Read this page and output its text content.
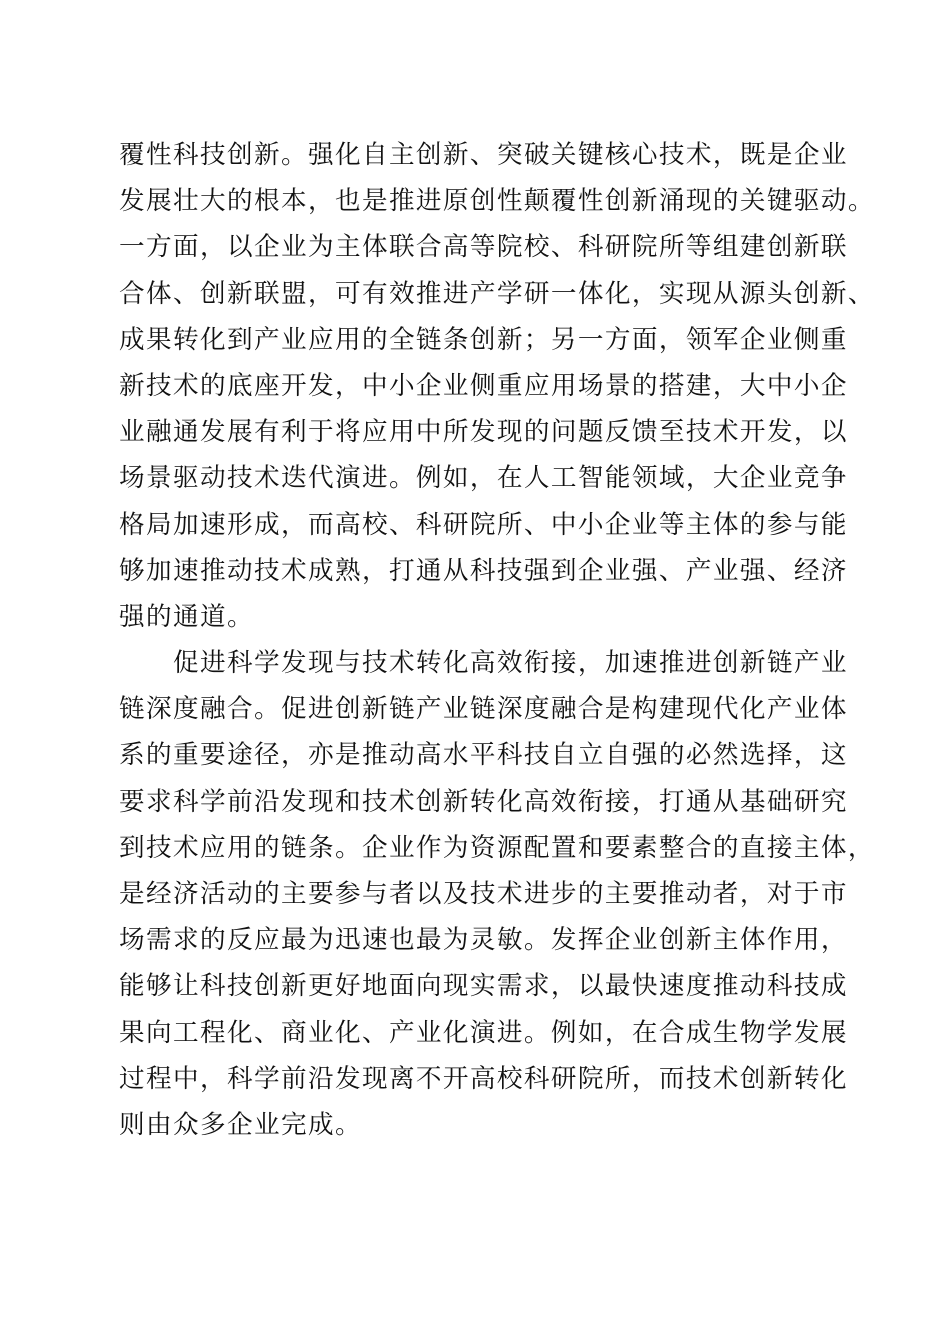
覆性科技创新。强化自主创新、突破关键核心技术，既是企业
发展壮大的根本，也是推进原创性颠覆性创新涌现的关键驱动。
一方面，以企业为主体联合高等院校、科研院所等组建创新联
合体、创新联盟，可有效推进产学研一体化，实现从源头创新、
成果转化到产业应用的全链条创新；另一方面，领军企业侧重
新技术的底座开发，中小企业侧重应用场景的搭建，大中小企
业融通发展有利于将应用中所发现的问题反馈至技术开发，以
场景驱动技术迭代演进。例如，在人工智能领域，大企业竞争
格局加速形成，而高校、科研院所、中小企业等主体的参与能
够加速推动技术成熟，打通从科技强到企业强、产业强、经济
强的通道。
　　促进科学发现与技术转化高效衔接，加速推进创新链产业
链深度融合。促进创新链产业链深度融合是构建现代化产业体
系的重要途径，亦是推动高水平科技自立自强的必然选择，这
要求科学前沿发现和技术创新转化高效衔接，打通从基础研究
到技术应用的链条。企业作为资源配置和要素整合的直接主体，
是经济活动的主要参与者以及技术进步的主要推动者，对于市
场需求的反应最为迅速也最为灵敏。发挥企业创新主体作用，
能够让科技创新更好地面向现实需求，以最快速度推动科技成
果向工程化、商业化、产业化演进。例如，在合成生物学发展
过程中，科学前沿发现离不开高校科研院所，而技术创新转化
则由众多企业完成。
